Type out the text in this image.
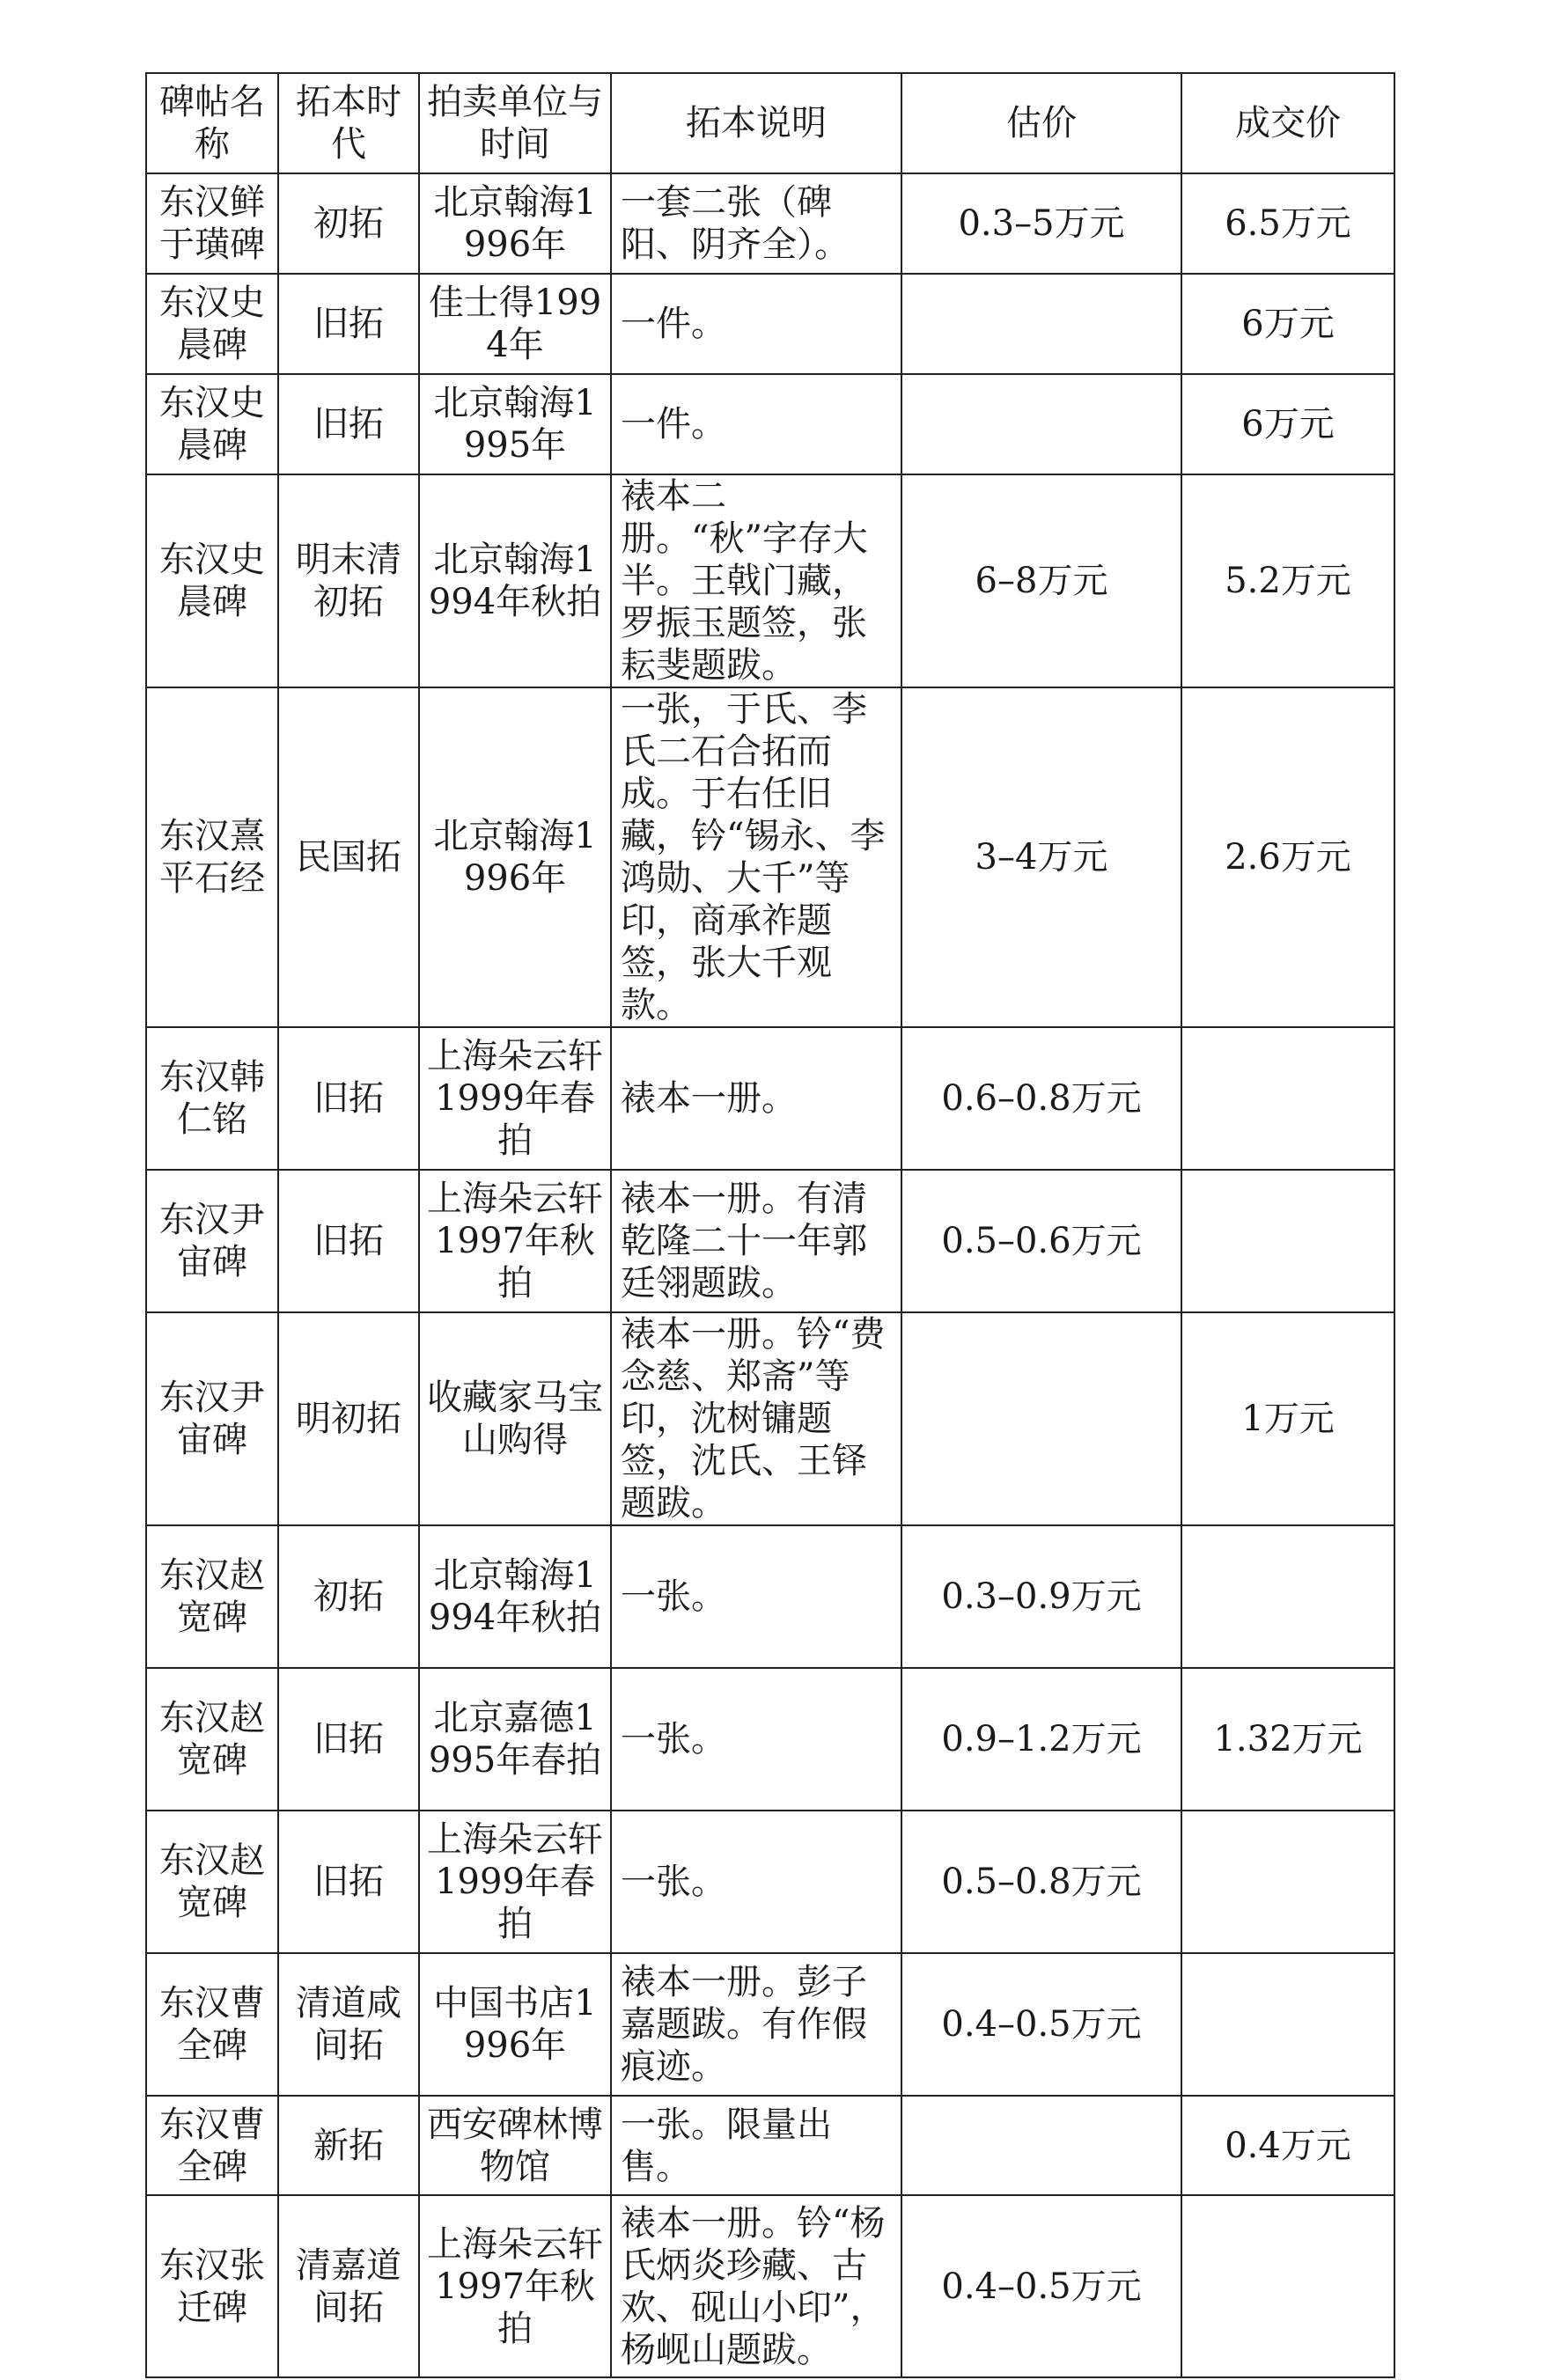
碑帖名称	拓本时代	拍卖单位与时间	拓本说明	估价	成交价
东汉鲜于璜碑	初拓	北京翰海1996年	一套二张（碑阳、阴齐全）。	0.3–5万元	6.5万元
东汉史晨碑	旧拓	佳士得1994年	一件。		6万元
东汉史晨碑	旧拓	北京翰海1995年	一件。		6万元
东汉史晨碑	明末清初拓	北京翰海1994年秋拍	裱本二册。“秋”字存大半。王戟门藏，罗振玉题签，张耘斐题跋。	6–8万元	5.2万元
东汉熹平石经	民国拓	北京翰海1996年	一张，于氏、李氏二石合拓而成。于右任旧藏，钤“锡永、李鸿勋、大千”等印，商承祚题签，张大千观款。	3–4万元	2.6万元
东汉韩仁铭	旧拓	上海朵云轩1999年春拍	裱本一册。	0.6–0.8万元	
东汉尹宙碑	旧拓	上海朵云轩1997年秋拍	裱本一册。有清乾隆二十一年郭廷翎题跋。	0.5–0.6万元	
东汉尹宙碑	明初拓	收藏家马宝山购得	裱本一册。钤“费念慈、郑斋”等印，沈树镛题签，沈氏、王铎题跋。		1万元
东汉赵宽碑	初拓	北京翰海1994年秋拍	一张。	0.3–0.9万元	
东汉赵宽碑	旧拓	北京嘉德1995年春拍	一张。	0.9–1.2万元	1.32万元
东汉赵宽碑	旧拓	上海朵云轩1999年春拍	一张。	0.5–0.8万元	
东汉曹全碑	清道咸间拓	中国书店1996年	裱本一册。彭子嘉题跋。有作假痕迹。	0.4–0.5万元	
东汉曹全碑	新拓	西安碑林博物馆	一张。限量出售。		0.4万元
东汉张迁碑	清嘉道间拓	上海朵云轩1997年秋拍	裱本一册。钤“杨氏炳炎珍藏、古欢、砚山小印”，杨岘山题跋。	0.4–0.5万元	
